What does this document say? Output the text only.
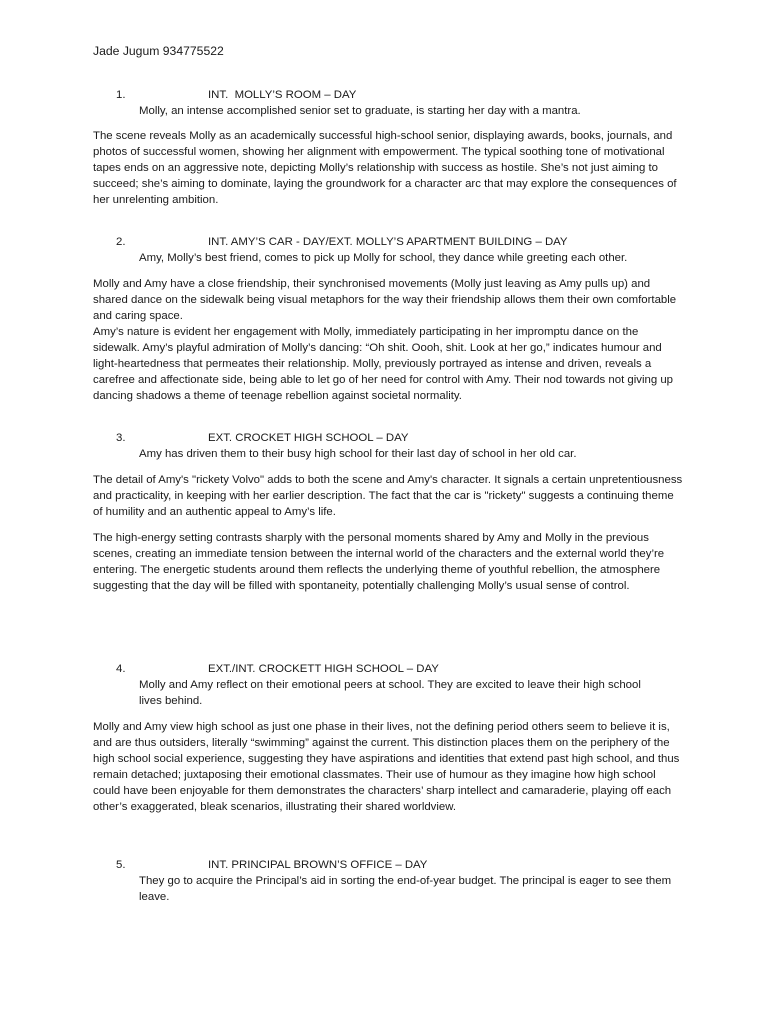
Jade Jugum 934775522
1.	INT.  MOLLY’S ROOM – DAY
Molly, an intense accomplished senior set to graduate, is starting her day with a mantra.

The scene reveals Molly as an academically successful high-school senior, displaying awards, books, journals, and photos of successful women, showing her alignment with empowerment. The typical soothing tone of motivational tapes ends on an aggressive note, depicting Molly’s relationship with success as hostile. She’s not just aiming to succeed; she’s aiming to dominate, laying the groundwork for a character arc that may explore the consequences of her unrelenting ambition.

2.	INT. AMY’S CAR - DAY/EXT. MOLLY’S APARTMENT BUILDING – DAY
Amy, Molly’s best friend, comes to pick up Molly for school, they dance while greeting each other.

Molly and Amy have a close friendship, their synchronised movements (Molly just leaving as Amy pulls up) and shared dance on the sidewalk being visual metaphors for the way their friendship allows them their own comfortable and caring space.

Amy’s nature is evident her engagement with Molly, immediately participating in her impromptu dance on the sidewalk. Amy’s playful admiration of Molly’s dancing: “Oh shit. Oooh, shit. Look at her go,” indicates humour and light-heartedness that permeates their relationship. Molly, previously portrayed as intense and driven, reveals a carefree and affectionate side, being able to let go of her need for control with Amy. Their nod towards not giving up dancing shadows a theme of teenage rebellion against societal normality.

3.	EXT. CROCKET HIGH SCHOOL – DAY
Amy has driven them to their busy high school for their last day of school in her old car.

The detail of Amy's "rickety Volvo" adds to both the scene and Amy's character. It signals a certain unpretentiousness and practicality, in keeping with her earlier description. The fact that the car is "rickety" suggests a continuing theme of humility and an authentic appeal to Amy’s life.

The high-energy setting contrasts sharply with the personal moments shared by Amy and Molly in the previous scenes, creating an immediate tension between the internal world of the characters and the external world they’re entering. The energetic students around them reflects the underlying theme of youthful rebellion, the atmosphere suggesting that the day will be filled with spontaneity, potentially challenging Molly’s usual sense of control.

4.	EXT./INT. CROCKETT HIGH SCHOOL – DAY
Molly and Amy reflect on their emotional peers at school. They are excited to leave their high school lives behind.

Molly and Amy view high school as just one phase in their lives, not the defining period others seem to believe it is, and are thus outsiders, literally “swimming” against the current. This distinction places them on the periphery of the high school social experience, suggesting they have aspirations and identities that extend past high school, and thus remain detached; juxtaposing their emotional classmates. Their use of humour as they imagine how high school could have been enjoyable for them demonstrates the characters’ sharp intellect and camaraderie, playing off each other’s exaggerated, bleak scenarios, illustrating their shared worldview.

5.	INT. PRINCIPAL BROWN’S OFFICE – DAY
They go to acquire the Principal’s aid in sorting the end-of-year budget. The principal is eager to see them leave.
